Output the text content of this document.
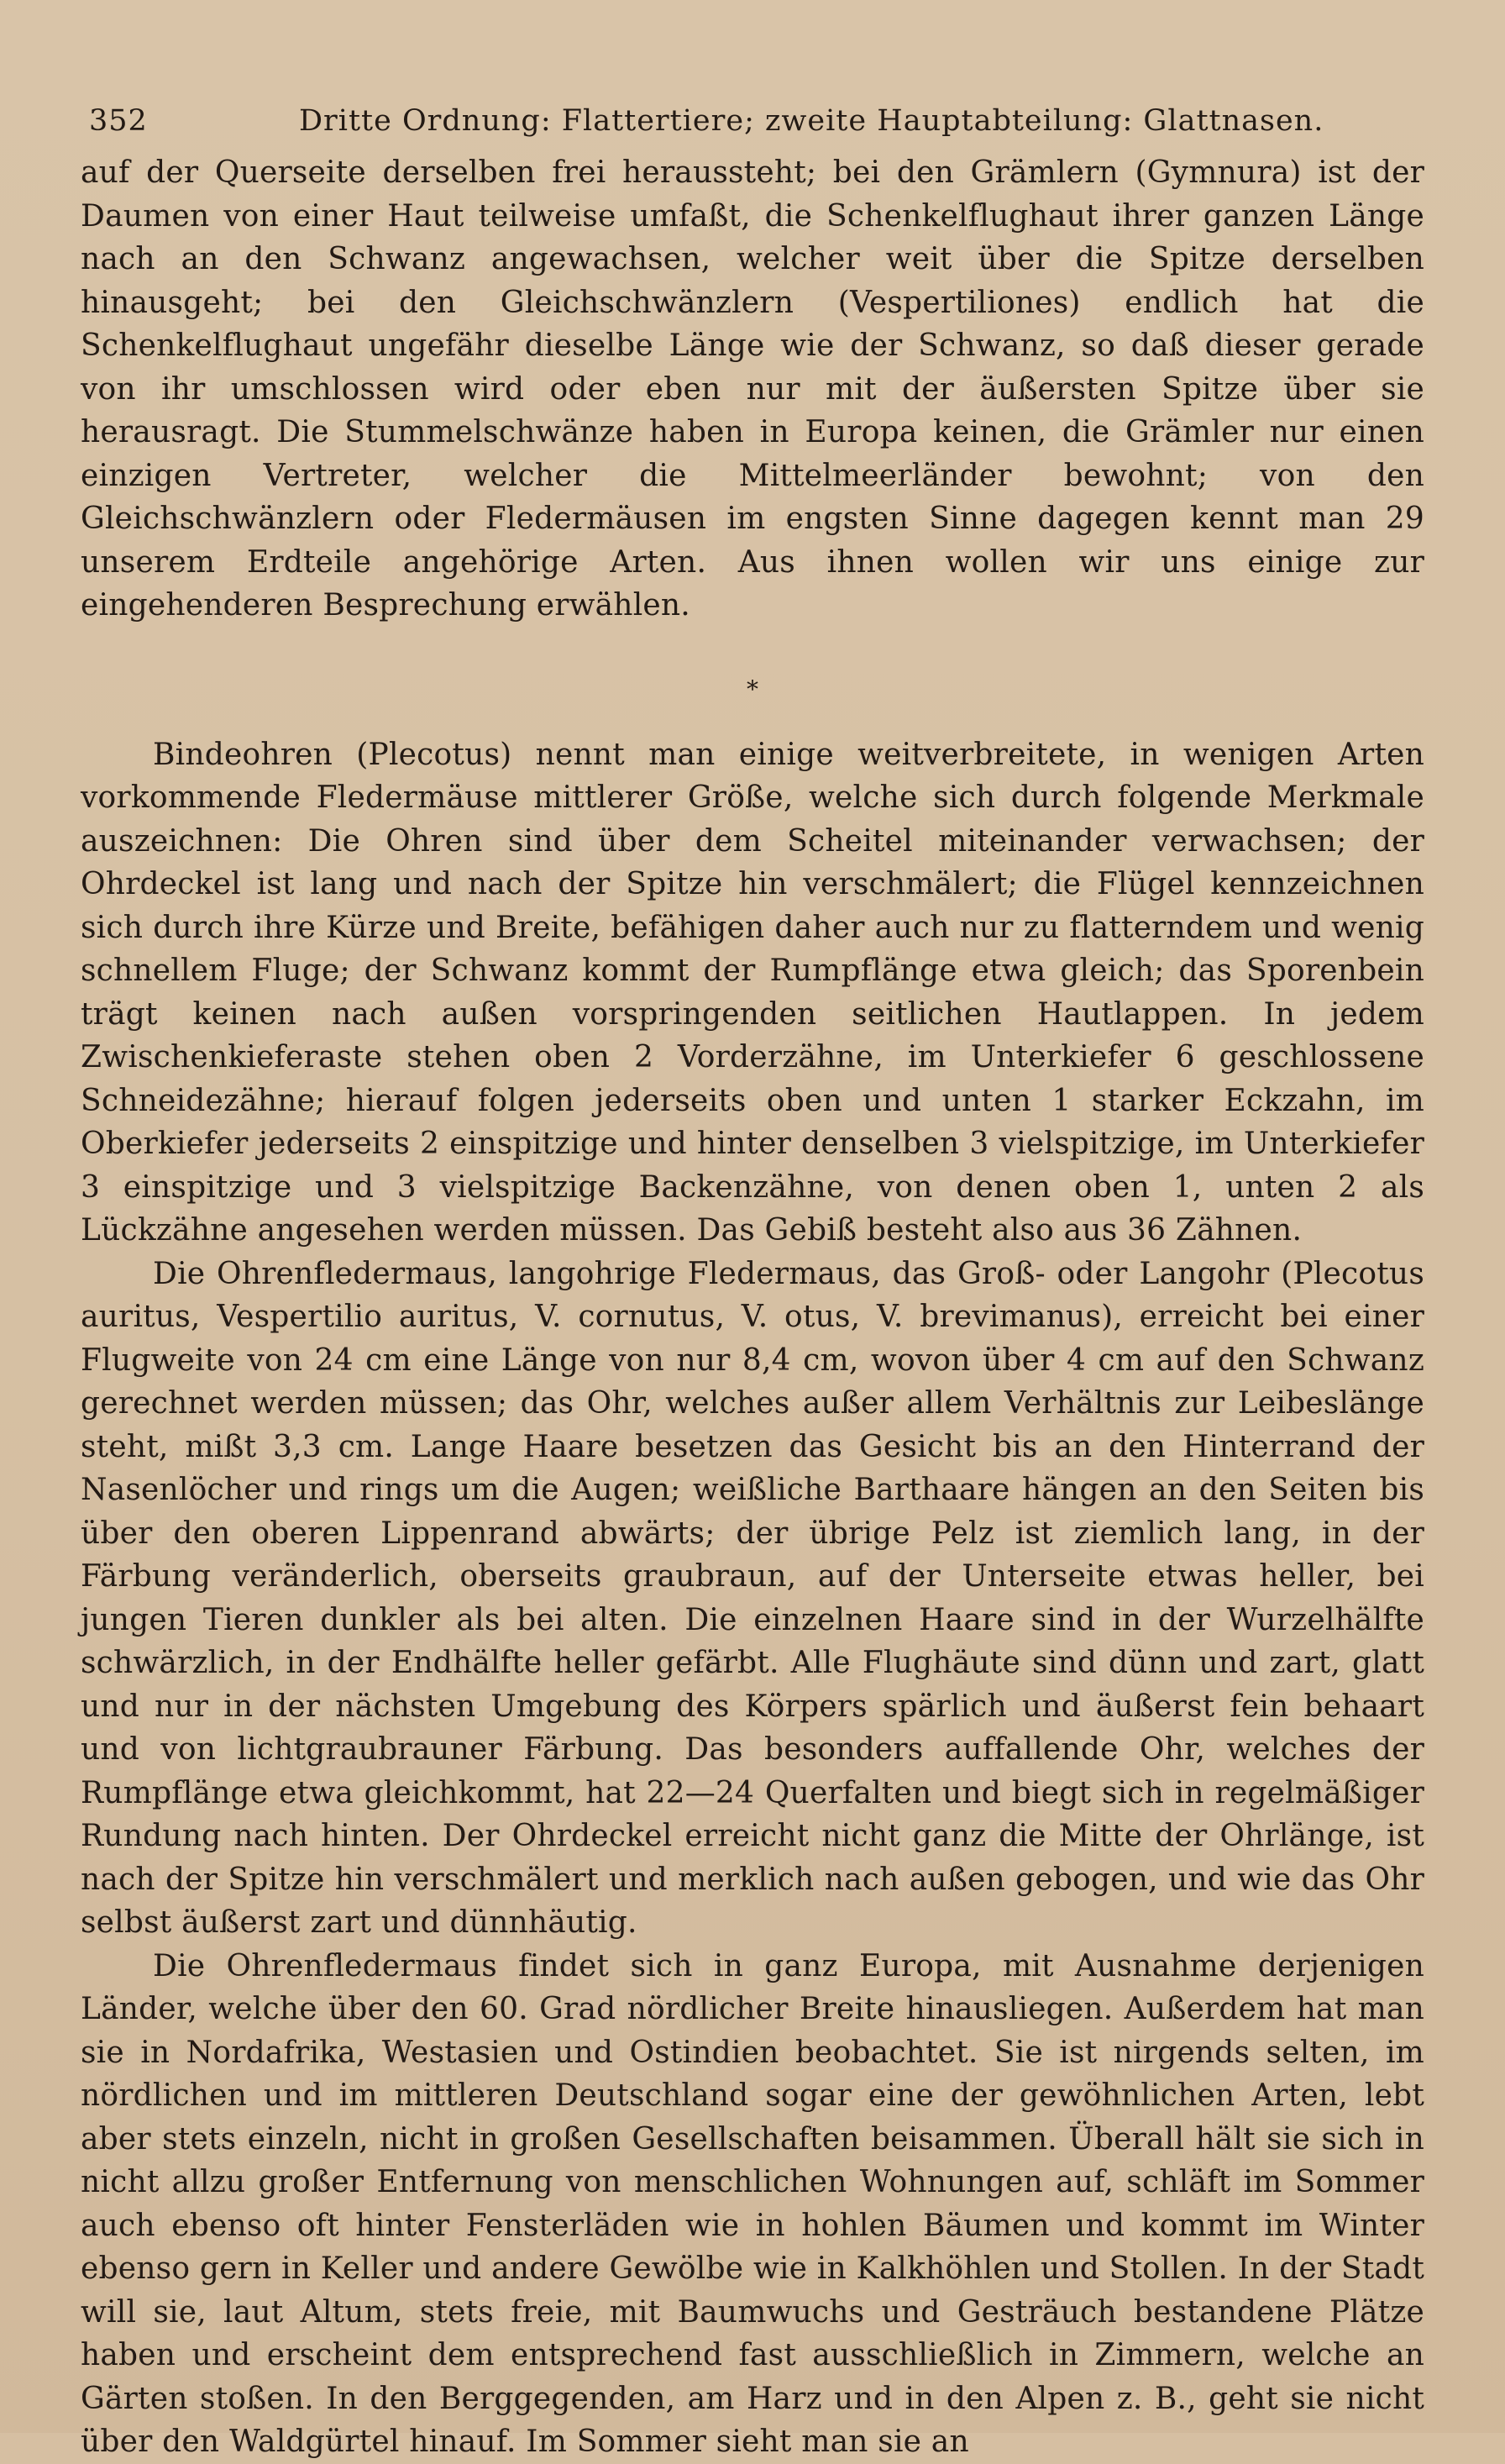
352	Dritte Ordnung: Flattertiere; zweite Hauptabteilung: Glattnasen.

auf der Querseite derselben frei heraussteht; bei den Grämlern (Gymnura) ist der Daumen von einer Haut teilweise umfaßt, die Schenkelflughaut ihrer ganzen Länge nach an den Schwanz angewachsen, welcher weit über die Spitze derselben hinausgeht; bei den Gleichschwänzlern (Vespertiliones) endlich hat die Schenkelflughaut ungefähr dieselbe Länge wie der Schwanz, so daß dieser gerade von ihr umschlossen wird oder eben nur mit der äußersten Spitze über sie herausragt. Die Stummelschwänze haben in Europa keinen, die Grämler nur einen einzigen Vertreter, welcher die Mittelmeerländer bewohnt; von den Gleichschwänzlern oder Fledermäusen im engsten Sinne dagegen kennt man 29 unserem Erdteile angehörige Arten. Aus ihnen wollen wir uns einige zur eingehenderen Besprechung erwählen.

*

Bindeohren (Plecotus) nennt man einige weitverbreitete, in wenigen Arten vorkommende Fledermäuse mittlerer Größe, welche sich durch folgende Merkmale auszeichnen: Die Ohren sind über dem Scheitel miteinander verwachsen; der Ohrdeckel ist lang und nach der Spitze hin verschmälert; die Flügel kennzeichnen sich durch ihre Kürze und Breite, befähigen daher auch nur zu flatterndem und wenig schnellem Fluge; der Schwanz kommt der Rumpflänge etwa gleich; das Sporenbein trägt keinen nach außen vorspringenden seitlichen Hautlappen. In jedem Zwischenkieferaste stehen oben 2 Vorderzähne, im Unterkiefer 6 geschlossene Schneidezähne; hierauf folgen jederseits oben und unten 1 starker Eckzahn, im Oberkiefer jederseits 2 einspitzige und hinter denselben 3 vielspitzige, im Unterkiefer 3 einspitzige und 3 vielspitzige Backenzähne, von denen oben 1, unten 2 als Lückzähne angesehen werden müssen. Das Gebiß besteht also aus 36 Zähnen.

Die Ohrenfledermaus, langohrige Fledermaus, das Groß- oder Langohr (Plecotus auritus, Vespertilio auritus, V. cornutus, V. otus, V. brevimanus), erreicht bei einer Flugweite von 24 cm eine Länge von nur 8,4 cm, wovon über 4 cm auf den Schwanz gerechnet werden müssen; das Ohr, welches außer allem Verhältnis zur Leibeslänge steht, mißt 3,3 cm. Lange Haare besetzen das Gesicht bis an den Hinterrand der Nasenlöcher und rings um die Augen; weißliche Barthaare hängen an den Seiten bis über den oberen Lippenrand abwärts; der übrige Pelz ist ziemlich lang, in der Färbung veränderlich, oberseits graubraun, auf der Unterseite etwas heller, bei jungen Tieren dunkler als bei alten. Die einzelnen Haare sind in der Wurzelhälfte schwärzlich, in der Endhälfte heller gefärbt. Alle Flughäute sind dünn und zart, glatt und nur in der nächsten Umgebung des Körpers spärlich und äußerst fein behaart und von lichtgraubrauner Färbung. Das besonders auffallende Ohr, welches der Rumpflänge etwa gleichkommt, hat 22—24 Querfalten und biegt sich in regelmäßiger Rundung nach hinten. Der Ohrdeckel erreicht nicht ganz die Mitte der Ohrlänge, ist nach der Spitze hin verschmälert und merklich nach außen gebogen, und wie das Ohr selbst äußerst zart und dünnhäutig.

Die Ohrenfledermaus findet sich in ganz Europa, mit Ausnahme derjenigen Länder, welche über den 60. Grad nördlicher Breite hinausliegen. Außerdem hat man sie in Nordafrika, Westasien und Ostindien beobachtet. Sie ist nirgends selten, im nördlichen und im mittleren Deutschland sogar eine der gewöhnlichen Arten, lebt aber stets einzeln, nicht in großen Gesellschaften beisammen. Überall hält sie sich in nicht allzu großer Entfernung von menschlichen Wohnungen auf, schläft im Sommer auch ebenso oft hinter Fensterläden wie in hohlen Bäumen und kommt im Winter ebenso gern in Keller und andere Gewölbe wie in Kalkhöhlen und Stollen. In der Stadt will sie, laut Altum, stets freie, mit Baumwuchs und Gesträuch bestandene Plätze haben und erscheint dem entsprechend fast ausschließlich in Zimmern, welche an Gärten stoßen. In den Berggegenden, am Harz und in den Alpen z. B., geht sie nicht über den Waldgürtel hinauf. Im Sommer sieht man sie an
